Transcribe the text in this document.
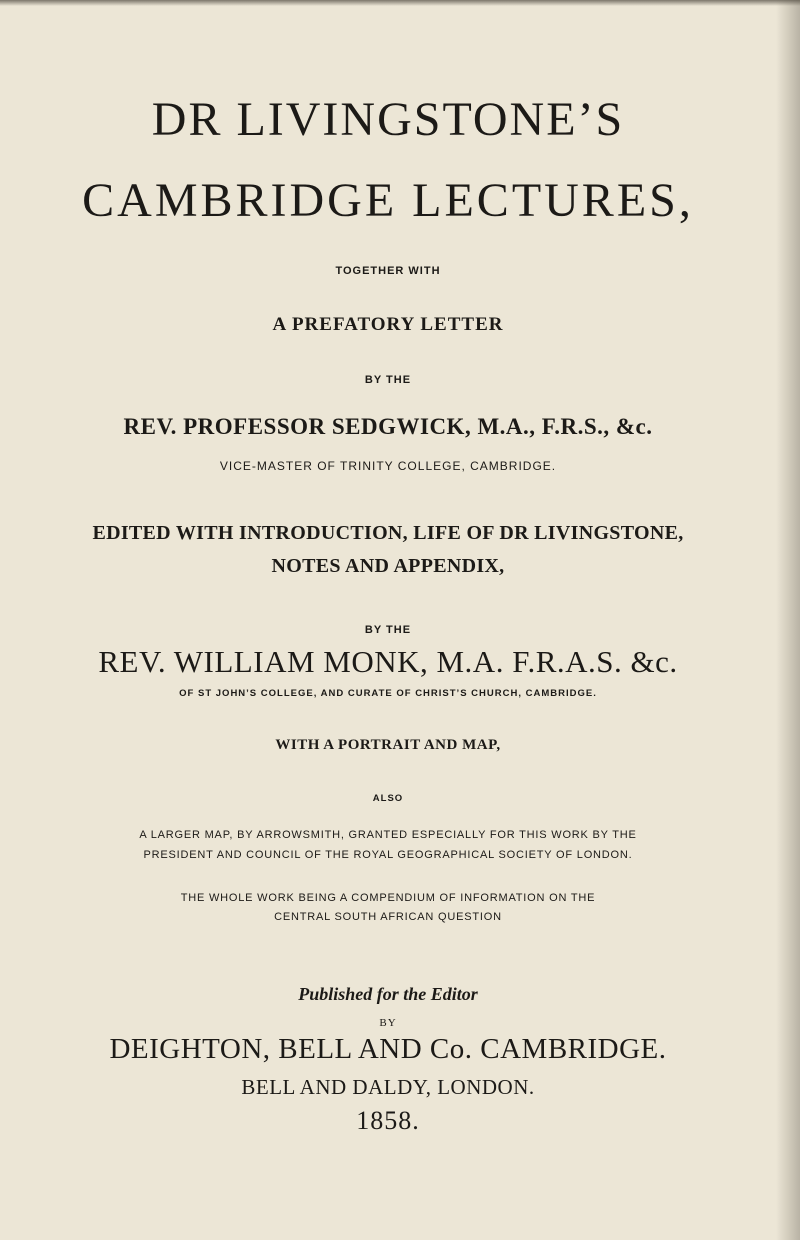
DR LIVINGSTONE’S
CAMBRIDGE LECTURES,

TOGETHER WITH

A PREFATORY LETTER

BY THE

REV. PROFESSOR SEDGWICK, M.A., F.R.S., &c.

VICE-MASTER OF TRINITY COLLEGE, CAMBRIDGE.

EDITED WITH INTRODUCTION, LIFE OF DR LIVINGSTONE,

NOTES AND APPENDIX,

BY THE

REV. WILLIAM MONK, M.A. F.R.A.S. &c.

OF ST JOHN’S COLLEGE, AND CURATE OF CHRIST’S CHURCH, CAMBRIDGE.

WITH A PORTRAIT AND MAP,

ALSO

A LARGER MAP, BY ARROWSMITH, GRANTED ESPECIALLY FOR THIS WORK BY THE

PRESIDENT AND COUNCIL OF THE ROYAL GEOGRAPHICAL SOCIETY OF LONDON.

THE WHOLE WORK BEING A COMPENDIUM OF INFORMATION ON THE

CENTRAL SOUTH AFRICAN QUESTION

Published for the Editor

BY

DEIGHTON, BELL AND Co. CAMBRIDGE.

BELL AND DALDY, LONDON.

1858.
